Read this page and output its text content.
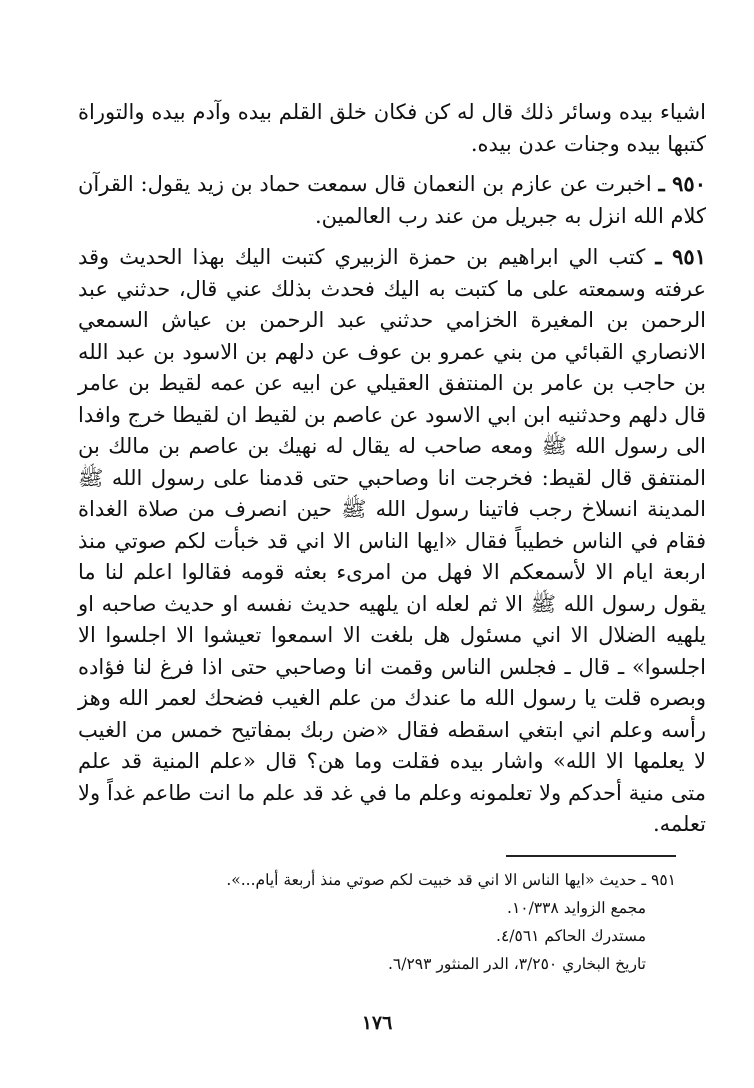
اشياء بيده وسائر ذلك قال له كن فكان خلق القلم بيده وآدم بيده والتوراة كتبها بيده وجنات عدن بيده.

٩٥٠ ـ اخبرت عن عازم بن النعمان قال سمعت حماد بن زيد يقول: القرآن كلام الله انزل به جبريل من عند رب العالمين.

٩٥١ ـ كتب الي ابراهيم بن حمزة الزبيري كتبت اليك بهذا الحديث وقد عرفته وسمعته على ما كتبت به اليك فحدث بذلك عني قال، حدثني عبد الرحمن بن المغيرة الخزامي حدثني عبد الرحمن بن عياش السمعي الانصاري القبائي من بني عمرو بن عوف عن دلهم بن الاسود بن عبد الله بن حاجب بن عامر بن المنتفق العقيلي عن ابيه عن عمه لقيط بن عامر قال دلهم وحدثنيه ابن ابي الاسود عن عاصم بن لقيط ان لقيطا خرج وافدا الى رسول الله ﷺ ومعه صاحب له يقال له نهيك بن عاصم بن مالك بن المنتفق قال لقيط: فخرجت انا وصاحبي حتى قدمنا على رسول الله ﷺ المدينة انسلاخ رجب فاتينا رسول الله ﷺ حين انصرف من صلاة الغداة فقام في الناس خطيباً فقال «ايها الناس الا اني قد خبأت لكم صوتي منذ اربعة ايام الا لأسمعكم الا فهل من امرىء بعثه قومه فقالوا اعلم لنا ما يقول رسول الله ﷺ الا ثم لعله ان يلهيه حديث نفسه او حديث صاحبه او يلهيه الضلال الا اني مسئول هل بلغت الا اسمعوا تعيشوا الا اجلسوا الا اجلسوا» ـ قال ـ فجلس الناس وقمت انا وصاحبي حتى اذا فرغ لنا فؤاده وبصره قلت يا رسول الله ما عندك من علم الغيب فضحك لعمر الله وهز رأسه وعلم اني ابتغي اسقطه فقال «ضن ربك بمفاتيح خمس من الغيب لا يعلمها الا الله» واشار بيده فقلت وما هن؟ قال «علم المنية قد علم متى منية أحدكم ولا تعلمونه وعلم ما في غد قد علم ما انت طاعم غداً ولا تعلمه.

٩٥١ ـ حديث «ايها الناس الا اني قد خبيت لكم صوتي منذ أربعة أيام...».
مجمع الزوايد ١٠/٣٣٨.
مستدرك الحاكم ٤/٥٦١.
تاريخ البخاري ٣/٢٥٠، الدر المنثور ٦/٢٩٣.
١٧٦
